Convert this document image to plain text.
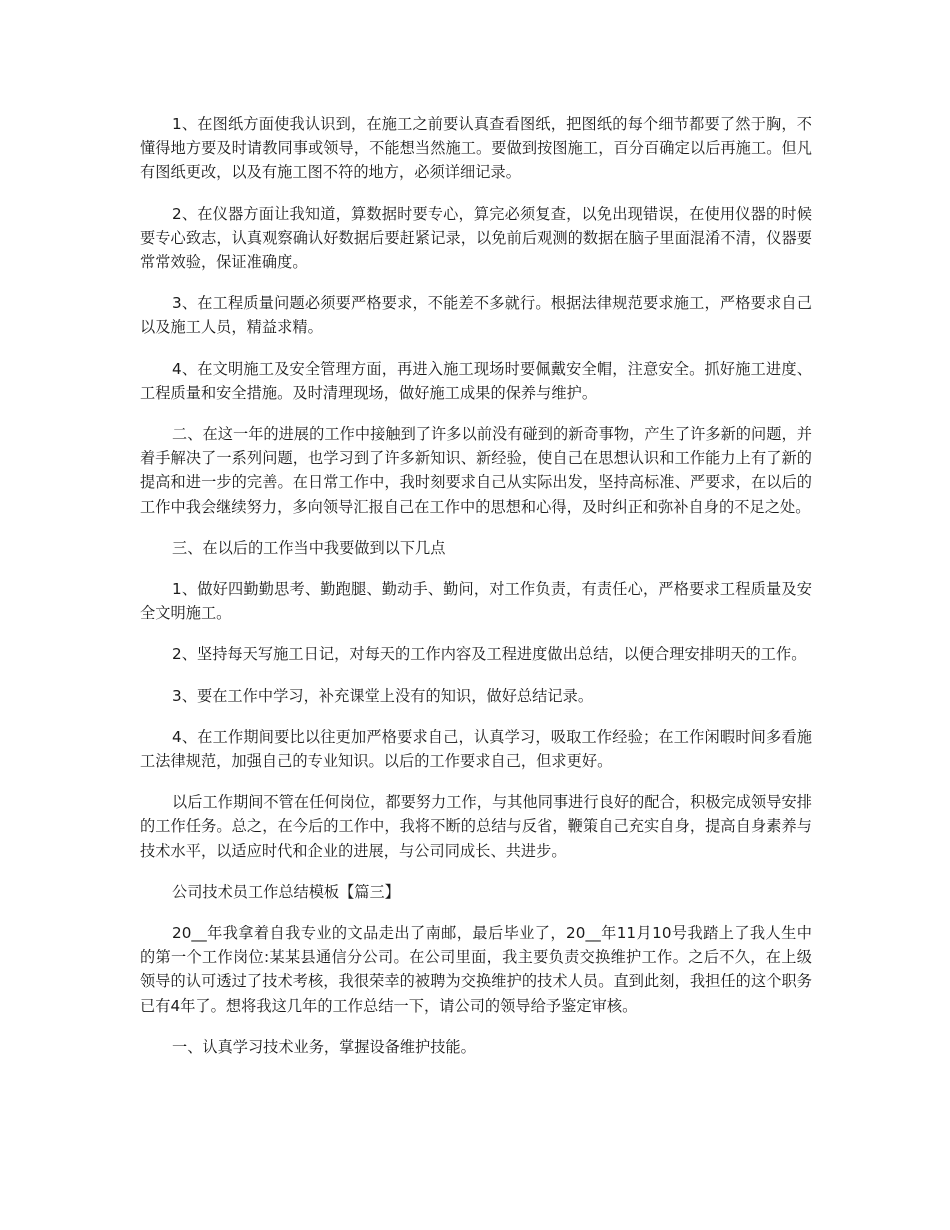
1、在图纸方面使我认识到，在施工之前要认真查看图纸，把图纸的每个细节都要了然于胸，不懂得地方要及时请教同事或领导，不能想当然施工。要做到按图施工，百分百确定以后再施工。但凡有图纸更改，以及有施工图不符的地方，必须详细记录。

2、在仪器方面让我知道，算数据时要专心，算完必须复查，以免出现错误，在使用仪器的时候要专心致志，认真观察确认好数据后要赶紧记录，以免前后观测的数据在脑子里面混淆不清，仪器要常常效验，保证准确度。

3、在工程质量问题必须要严格要求，不能差不多就行。根据法律规范要求施工，严格要求自己以及施工人员，精益求精。

4、在文明施工及安全管理方面，再进入施工现场时要佩戴安全帽，注意安全。抓好施工进度、工程质量和安全措施。及时清理现场，做好施工成果的保养与维护。

二、在这一年的进展的工作中接触到了许多以前没有碰到的新奇事物，产生了许多新的问题，并着手解决了一系列问题，也学习到了许多新知识、新经验，使自己在思想认识和工作能力上有了新的提高和进一步的完善。在日常工作中，我时刻要求自己从实际出发，坚持高标准、严要求，在以后的工作中我会继续努力，多向领导汇报自己在工作中的思想和心得，及时纠正和弥补自身的不足之处。

三、在以后的工作当中我要做到以下几点

1、做好四勤勤思考、勤跑腿、勤动手、勤问，对工作负责，有责任心，严格要求工程质量及安全文明施工。

2、坚持每天写施工日记，对每天的工作内容及工程进度做出总结，以便合理安排明天的工作。

3、要在工作中学习，补充课堂上没有的知识，做好总结记录。

4、在工作期间要比以往更加严格要求自己，认真学习，吸取工作经验；在工作闲暇时间多看施工法律规范，加强自己的专业知识。以后的工作要求自己，但求更好。

以后工作期间不管在任何岗位，都要努力工作，与其他同事进行良好的配合，积极完成领导安排的工作任务。总之，在今后的工作中，我将不断的总结与反省，鞭策自己充实自身，提高自身素养与技术水平，以适应时代和企业的进展，与公司同成长、共进步。

公司技术员工作总结模板【篇三】

20__年我拿着自我专业的文品走出了南邮，最后毕业了，20__年11月10号我踏上了我人生中的第一个工作岗位:某某县通信分公司。在公司里面，我主要负责交换维护工作。之后不久，在上级领导的认可透过了技术考核，我很荣幸的被聘为交换维护的技术人员。直到此刻，我担任的这个职务已有4年了。想将我这几年的工作总结一下，请公司的领导给予鉴定审核。

一、认真学习技术业务，掌握设备维护技能。
